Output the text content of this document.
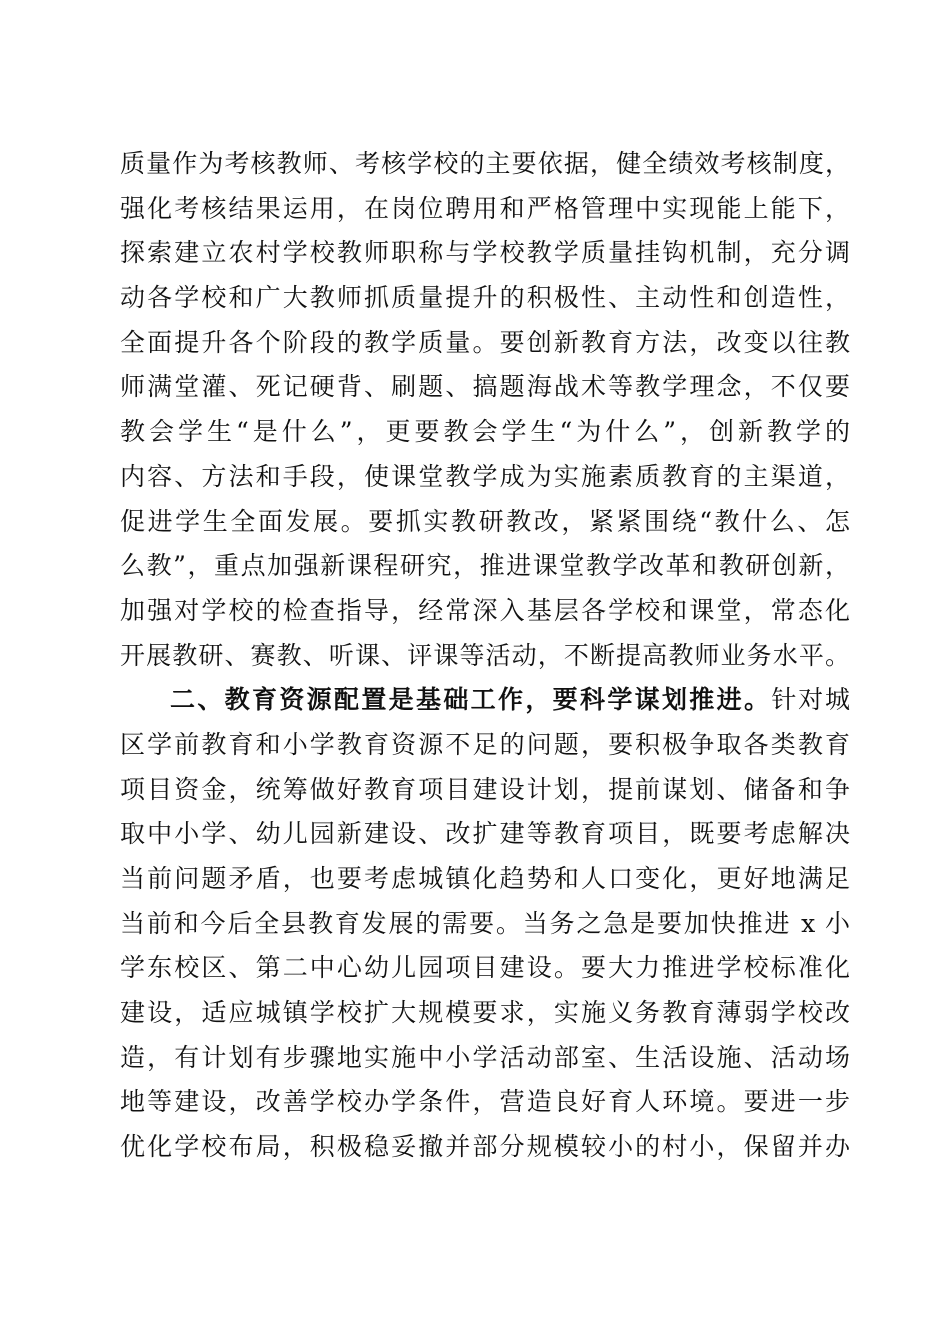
质量作为考核教师、考核学校的主要依据，健全绩效考核制度，
强化考核结果运用，在岗位聘用和严格管理中实现能上能下，
探索建立农村学校教师职称与学校教学质量挂钩机制，充分调
动各学校和广大教师抓质量提升的积极性、主动性和创造性，
全面提升各个阶段的教学质量。要创新教育方法，改变以往教
师满堂灌、死记硬背、刷题、搞题海战术等教学理念，不仅要
教会学生“是什么”，更要教会学生“为什么”，创新教学的
内容、方法和手段，使课堂教学成为实施素质教育的主渠道，
促进学生全面发展。要抓实教研教改，紧紧围绕“教什么、怎
么教”，重点加强新课程研究，推进课堂教学改革和教研创新，
加强对学校的检查指导，经常深入基层各学校和课堂，常态化
开展教研、赛教、听课、评课等活动，不断提高教师业务水平。
二、教育资源配置是基础工作，要科学谋划推进。针对城
区学前教育和小学教育资源不足的问题，要积极争取各类教育
项目资金，统筹做好教育项目建设计划，提前谋划、储备和争
取中小学、幼儿园新建设、改扩建等教育项目，既要考虑解决
当前问题矛盾，也要考虑城镇化趋势和人口变化，更好地满足
当前和今后全县教育发展的需要。当务之急是要加快推进 x 小
学东校区、第二中心幼儿园项目建设。要大力推进学校标准化
建设，适应城镇学校扩大规模要求，实施义务教育薄弱学校改
造，有计划有步骤地实施中小学活动部室、生活设施、活动场
地等建设，改善学校办学条件，营造良好育人环境。要进一步
优化学校布局，积极稳妥撤并部分规模较小的村小，保留并办
